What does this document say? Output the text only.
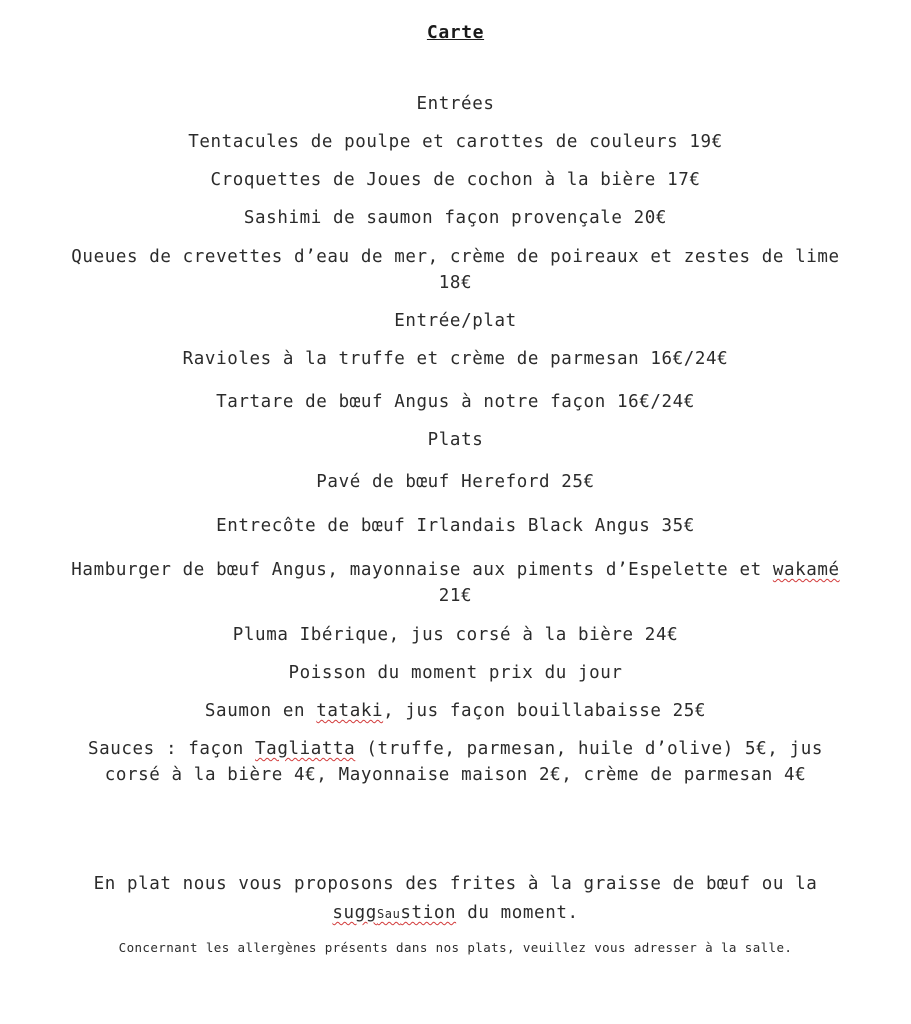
Carte
Entrées
Tentacules de poulpe et carottes de couleurs 19€
Croquettes de Joues de cochon à la bière 17€
Sashimi de saumon façon provençale 20€
Queues de crevettes d’eau de mer, crème de poireaux et zestes de lime 18€
Entrée/plat
Ravioles à la truffe et crème de parmesan 16€/24€
Tartare de bœuf Angus à notre façon 16€/24€
Plats
Pavé de bœuf Hereford 25€
Entrecôte de bœuf Irlandais Black Angus 35€
Hamburger de bœuf Angus, mayonnaise aux piments d’Espelette et wakamé 21€
Pluma Ibérique, jus corsé à la bière 24€
Poisson du moment prix du jour
Saumon en tataki, jus façon bouillabaisse 25€
Sauces : façon Tagliatta (truffe, parmesan, huile d’olive) 5€, jus corsé à la bière 4€, Mayonnaise maison 2€, crème de parmesan 4€
En plat nous vous proposons des frites à la graisse de bœuf ou la suggSaustion du moment.
Concernant les allergènes présents dans nos plats, veuillez vous adresser à la salle.
